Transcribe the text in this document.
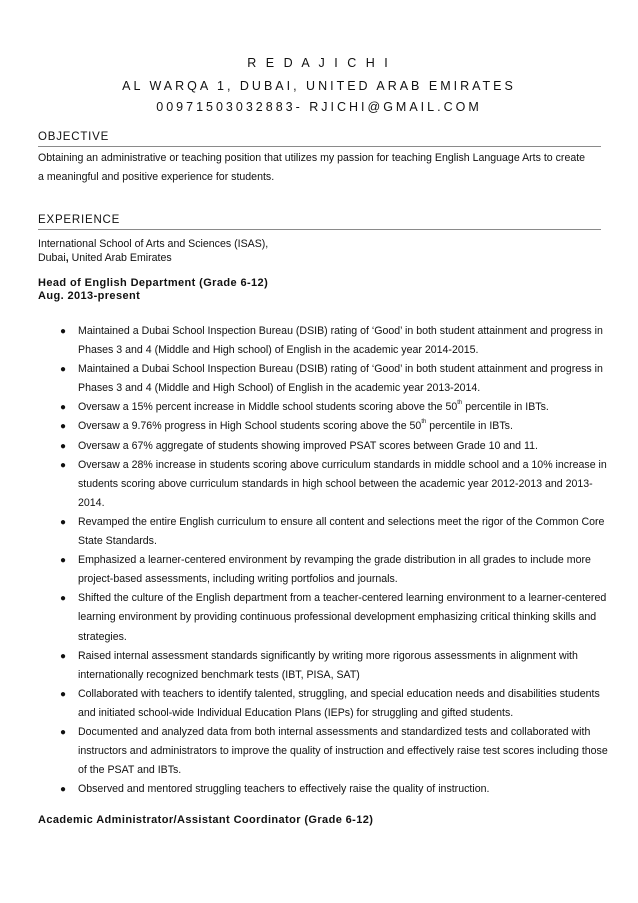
R E D A J I C H I
AL WARQA 1, DUBAI, UNITED ARAB EMIRATES
00971503032883- RJICHI@GMAIL.COM
OBJECTIVE
Obtaining an administrative or teaching position that utilizes my passion for teaching English Language Arts to create
a meaningful and positive experience for students.
EXPERIENCE
International School of Arts and Sciences (ISAS),
Dubai, United Arab Emirates
Head of English Department (Grade 6-12)
Aug. 2013-present
● Maintained a Dubai School Inspection Bureau (DSIB) rating of ‘Good’ in both student attainment and progress in Phases 3 and 4 (Middle and High school) of English in the academic year 2014-2015.
● Maintained a Dubai School Inspection Bureau (DSIB) rating of ‘Good’ in both student attainment and progress in Phases 3 and 4 (Middle and High School) of English in the academic year 2013-2014.
● Oversaw a 15% percent increase in Middle school students scoring above the 50th percentile in IBTs.
● Oversaw a 9.76% progress in High School students scoring above the 50th percentile in IBTs.
● Oversaw a 67% aggregate of students showing improved PSAT scores between Grade 10 and 11.
● Oversaw a 28% increase in students scoring above curriculum standards in middle school and a 10% increase in students scoring above curriculum standards in high school between the academic year 2012-2013 and 2013-2014.
● Revamped the entire English curriculum to ensure all content and selections meet the rigor of the Common Core State Standards.
● Emphasized a learner-centered environment by revamping the grade distribution in all grades to include more project-based assessments, including writing portfolios and journals.
● Shifted the culture of the English department from a teacher-centered learning environment to a learner-centered learning environment by providing continuous professional development emphasizing critical thinking skills and strategies.
● Raised internal assessment standards significantly by writing more rigorous assessments in alignment with internationally recognized benchmark tests (IBT, PISA, SAT)
● Collaborated with teachers to identify talented, struggling, and special education needs and disabilities students and initiated school-wide Individual Education Plans (IEPs) for struggling and gifted students.
● Documented and analyzed data from both internal assessments and standardized tests and collaborated with instructors and administrators to improve the quality of instruction and effectively raise test scores including those of the PSAT and IBTs.
● Observed and mentored struggling teachers to effectively raise the quality of instruction.
Academic Administrator/Assistant Coordinator (Grade 6-12)
